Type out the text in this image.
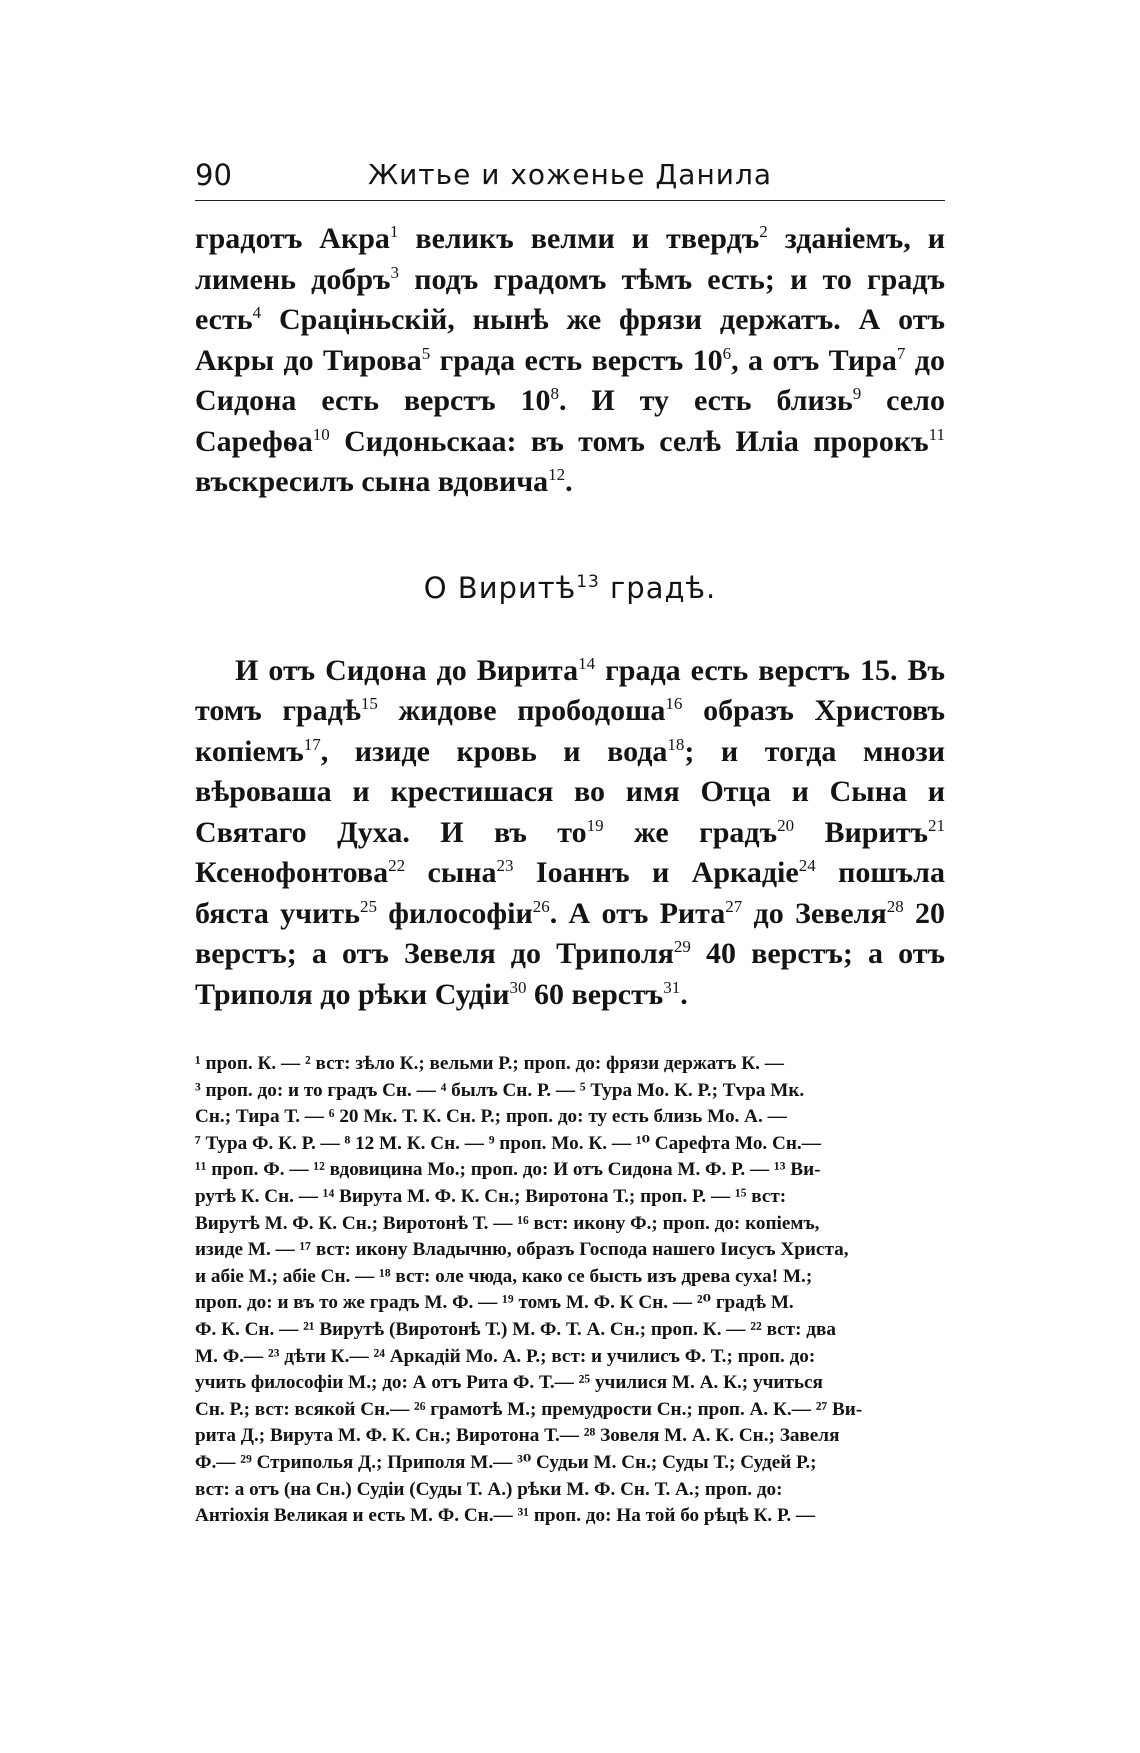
90	Житье и хоженье Данила

градотъ Акра$^1$ великъ велми и твердъ$^2$ зданіемъ, и лимень добръ$^3$ подъ градомъ тѣмъ есть; и то градъ есть$^4$ Сраціньскій, нынѣ же фрязи держатъ. А отъ Акры до Тирова$^5$ града есть верстъ $10^6$, а отъ Тира$^7$ до Сидона есть верстъ $10^8$. И ту есть близь$^9$ село Сарефѳа$^{10}$ Сидоньскаа: въ томъ селѣ Иліа пророкъ$^{11}$ въскресилъ сына вдовича$^{12}$.

О Виритѣ$^{13}$ градѣ.

И отъ Сидона до Вирита$^{14}$ града есть верстъ 15. Въ томъ градѣ$^{15}$ жидове прободоша$^{16}$ образъ Христовъ копіемъ$^{17}$, изиде кровь и вода$^{18}$; и тогда мнози вѣроваша и крестишася во имя Отца и Сына и Святаго Духа. И въ $то^{19}$ же градъ$^{20}$ Виритъ$^{21}$ Ксенофонтова$^{22}$ сына$^{23}$ Іоаннъ и Аркадіе$^{24}$ пошъла бяста учить$^{25}$ философіи$^{26}$. А отъ Рита$^{27}$ до Зевеля$^{28}$ 20 верстъ; а отъ Зевеля до Триполя$^{29}$ 40 верстъ; а отъ Триполя до рѣки Судіи$^{30}$ 60 верстъ$^{31}$.

¹ проп. К. — ² вст: зѣло К.; вельми Р.; проп. до: фрязи держатъ К. —
³ проп. до: и то градъ Сн. — ⁴ былъ Сн. Р. — ⁵ Тура Мо. К. Р.; Тvра Мк.
Сн.; Тира Т. — ⁶ 20 Мк. Т. К. Сн. Р.; проп. до: ту есть близь Мо. А. —
⁷ Тура Ф. К. Р. — ⁸ 12 М. К. Сн. — ⁹ проп. Мо. К. — ¹⁰ Сарефта Мо. Сн.—
¹¹ проп. Ф. — ¹² вдовицина Мо.; проп. до: И отъ Сидона М. Ф. Р. — ¹³ Ви-
рутѣ К. Сн. — ¹⁴ Вирута М. Ф. К. Сн.; Виротона Т.; проп. Р. — ¹⁵ вст:
Вирутѣ М. Ф. К. Сн.; Виротонѣ Т. — ¹⁶ вст: икону Ф.; проп. до: копіемъ,
изиде М. — ¹⁷ вст: икону Владычню, образъ Господа нашего Іисусъ Христа,
и абіе М.; абіе Сн. — ¹⁸ вст: оле чюда, како се бысть изъ древа суха! М.;
проп. до: и въ то же градъ М. Ф. — ¹⁹ томъ М. Ф. К Сн. — ²⁰ градѣ М.
Ф. К. Сн. — ²¹ Вирутѣ (Виротонѣ Т.) М. Ф. Т. А. Сн.; проп. К. — ²² вст: два
М. Ф.— ²³ дѣти К.— ²⁴ Аркадій Мо. А. Р.; вст: и училисъ Ф. Т.; проп. до:
учить философіи М.; до: А отъ Рита Ф. Т.— ²⁵ училися М. А. К.; учиться
Сн. Р.; вст: всякой Сн.— ²⁶ грамотѣ М.; премудрости Сн.; проп. А. К.— ²⁷ Ви-
рита Д.; Вирута М. Ф. К. Сн.; Виротона Т.— ²⁸ Зовеля М. А. К. Сн.; Завеля
Ф.— ²⁹ Стриполья Д.; Приполя М.— ³⁰ Судьи М. Сн.; Суды Т.; Судей Р.;
вст: а отъ (на Сн.) Судіи (Суды Т. А.) рѣки М. Ф. Сн. Т. А.; проп. до:
Антіохія Великая и есть М. Ф. Сн.— ³¹ проп. до: На той бо рѣцѣ К. Р. —
